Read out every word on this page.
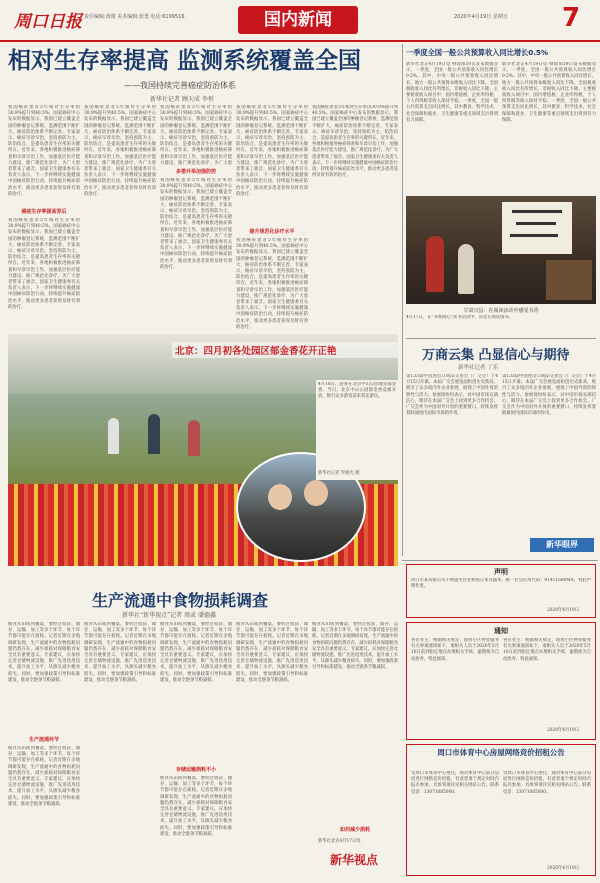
周口日报 责任编辑:黄微 美术编辑:张勇 电话:6199516	国内新闻	2020年4月19日 星期日 7
相对生存率提高 监测系统覆盖全国
——我国持续完善癌症防治体系
新华社记者 顾天成 李恒
我国癌症患者5年相对生存率由30.9%提升到40.5%。国家癌症中心发布的数据显示，我国已建立覆盖全国的肿瘤登记系统，监测范围不断扩大，癌症防治体系不断完善。专家表示，癌症早诊早治，坚持预防为主、防治结合，是提高患者生存率的关键所在。近年来，各地积极推进癌症筛查和早诊早治工作，加强基层医疗能力建设，推广规范化诊疗，为广大患者带来了福音。国家卫生健康委有关负责人表示，下一步将继续实施健康中国癌症防治行动，持续提升癌症防治水平，推动更多患者获得及时有效的治疗。
癌症生存率提高背后
我国癌症患者5年相对生存率由30.9%提升到40.5%。国家癌症中心发布的数据显示，我国已建立覆盖全国的肿瘤登记系统，监测范围不断扩大，癌症防治体系不断完善。专家表示，癌症早诊早治，坚持预防为主、防治结合，是提高患者生存率的关键所在。近年来，各地积极推进癌症筛查和早诊早治工作，加强基层医疗能力建设，推广规范化诊疗，为广大患者带来了福音。国家卫生健康委有关负责人表示，下一步将继续实施健康中国癌症防治行动，持续提升癌症防治水平，推动更多患者获得及时有效的治疗。
我国癌症患者5年相对生存率由30.9%提升到40.5%。国家癌症中心发布的数据显示，我国已建立覆盖全国的肿瘤登记系统，监测范围不断扩大，癌症防治体系不断完善。专家表示，癌症早诊早治，坚持预防为主、防治结合，是提高患者生存率的关键所在。近年来，各地积极推进癌症筛查和早诊早治工作，加强基层医疗能力建设，推广规范化诊疗，为广大患者带来了福音。国家卫生健康委有关负责人表示，下一步将继续实施健康中国癌症防治行动，持续提升癌症防治水平，推动更多患者获得及时有效的治疗。
我国癌症患者5年相对生存率由30.9%提升到40.5%。国家癌症中心发布的数据显示，我国已建立覆盖全国的肿瘤登记系统，监测范围不断扩大，癌症防治体系不断完善。专家表示，癌症早诊早治，坚持预防为主、防治结合，是提高患者生存率的关键所在。近年来，各地积极推进癌症筛查和早诊早治工作，加强基层医疗能力建设，推广规范化诊疗，为广大患
多措并举加强防控
我国癌症患者5年相对生存率由30.9%提升到40.5%。国家癌症中心发布的数据显示，我国已建立覆盖全国的肿瘤登记系统，监测范围不断扩大，癌症防治体系不断完善。专家表示，癌症早诊早治，坚持预防为主、防治结合，是提高患者生存率的关键所在。近年来，各地积极推进癌症筛查和早诊早治工作，加强基层医疗能力建设，推广规范化诊疗，为广大患者带来了福音。国家卫生健康委有关负责人表示，下一步将继续实施健康中国癌症防治行动，持续提升癌症防治水平，推动更多患者获得及时有效的治疗。
我国癌症患者5年相对生存率由30.9%提升到40.5%。国家癌症中心发布的数据显示，我国已建立覆盖全国的肿瘤登记系统，监测范围不断扩大，癌症防治体系不断完善。专家表示，癌症早诊早治，坚持预防为主、防治结合，是提高患者生存率的关键所在。近年来，各地积极推进癌症筛查和早诊早治工作，加强基层医疗能力建设，推广规范化诊疗，为广大患者带来了福音。国家卫生健康委有关负责人表示，下一步将继续实施健康中国癌症防治行动，持续提升癌症防治水平，推动更多患者获得及时有效的治疗。
提升规范化诊疗水平
我国癌症患者5年相对生存率由30.9%提升到40.5%。国家癌症中心发布的数据显示，我国已建立覆盖全国的肿瘤登记系统，监测范围不断扩大，癌症防治体系不断完善。专家表示，癌症早诊早治，坚持预防为主、防治结合，是提高患者生存率的关键所在。近年来，各地积极推进癌症筛查和早诊早治工作，加强基层医疗能力建设，推广规范化诊疗，为广大患者带来了福音。国家卫生健康委有关负责人表示，下一步将继续实施健康中国癌症防治行动，持续提升癌症防治水平，推动更多患者获得及时有效的治疗。
我国癌症患者5年相对生存率由30.9%提升到40.5%。国家癌症中心发布的数据显示，我国已建立覆盖全国的肿瘤登记系统，监测范围不断扩大，癌症防治体系不断完善。专家表示，癌症早诊早治，坚持预防为主、防治结合，是提高患者生存率的关键所在。近年来，各地积极推进癌症筛查和早诊早治工作，加强基层医疗能力建设，推广规范化诊疗，为广大患者带来了福音。国家卫生健康委有关负责人表示，下一步将继续实施健康中国癌症防治行动，持续提升癌症防治水平，推动更多患者获得及时有效的治疗。
一季度全国一般公共预算收入同比增长0.5%
新华社北京4月19日电 财政部19日发布数据显示，一季度，全国一般公共预算收入同比增长0.5%。其中，中央一般公共预算收入同比增长，地方一般公共预算本级收入同比下降。全国税收收入同比有所增长，非税收入同比下降。主要税收收入项目中，国内增值税、企业所得税、个人所得税等收入保持平稳。一季度，全国一般公共预算支出同比增长，其中教育、科学技术、社会保障和就业、卫生健康等重点领域支出得到有力保障。
新华社北京4月19日电 财政部19日发布数据显示，一季度，全国一般公共预算收入同比增长0.5%。其中，中央一般公共预算收入同比增长，地方一般公共预算本级收入同比下降。全国税收收入同比有所增长，非税收入同比下降。主要税收收入项目中，国内增值税、企业所得税、个人所得税等收入保持平稳。一季度，全国一般公共预算支出同比增长，其中教育、科学技术、社会保障和就业、卫生健康等重点领域支出得到有力保障。
甘肃兴县：在阅读活动中感受书香
4月17日，在“书香润心”读书活动中，读者在阅读图书。
万商云集 凸显信心与期待
新华社记者 丁乐
第133届中国进出口商品交易会（广交会）于4月15日开幕。本届广交会展览面积创历史新高，吸引了众多境内外企业参展，展现了中国外贸的韧性与活力。参展商纷纷表示，对中国市场充满信心，期待在本届广交会上找到更多合作机会。广交会作为中国对外开放的重要窗口，持续发挥着联通国内国际市场的作用。
第133届中国进出口商品交易会（广交会）于4月15日开幕。本届广交会展览面积创历史新高，吸引了众多境内外企业参展，展现了中国外贸的韧性与活力。参展商纷纷表示，对中国市场充满信心，期待在本届广交会上找到更多合作机会。广交会作为中国对外开放的重要窗口，持续发挥着联通国内国际市场的作用。
新华眼界
北京：四月初各处园区郁金香花开正艳
4月18日，游客在北京中山公园观赏郁金香。当日，北京中山公园郁金香竞相开放，吸引众多游客前来赏花游玩。
新华社记者 罗晓光 摄
生产流通中食物损耗调查
新华社“新华视点”记者 周或 潘德鑫
粮食从田间到餐桌，要经过收获、储存、运输、加工等多个环节，每个环节都可能存在损耗。记者近期在多地调研发现，生产流通中的食物损耗问题仍然存在，减少损耗对保障粮食安全具有重要意义。专家建议，应加快完善仓储物流设施，推广先进适用技术，提升加工水平，从源头减少粮食损失。同时，要加强政策引导和标准建设，推动全链条节粮减损。
生产流通环节
粮食从田间到餐桌，要经过收获、储存、运输、加工等多个环节，每个环节都可能存在损耗。记者近期在多地调研发现，生产流通中的食物损耗问题仍然存在，减少损耗对保障粮食安全具有重要意义。专家建议，应加快完善仓储物流设施，推广先进适用技术，提升加工水平，从源头减少粮食损失。同时，要加强政策引导和标准建设，推动全链条节粮减损。
粮食从田间到餐桌，要经过收获、储存、运输、加工等多个环节，每个环节都可能存在损耗。记者近期在多地调研发现，生产流通中的食物损耗问题仍然存在，减少损耗对保障粮食安全具有重要意义。专家建议，应加快完善仓储物流设施，推广先进适用技术，提升加工水平，从源头减少粮食损失。同时，要加强政策引导和标准建设，推动全链条节粮减损。
粮食从田间到餐桌，要经过收获、储存、运输、加工等多个环节，每个环节都可能存在损耗。记者近期在多地调研发现，生产流通中的食物损耗问题仍然存在，减少损耗对保障粮食安全具有重要意义。专家建议，应加快完善仓储物流设施，推广先进适用技术，提升加工水平，从源头减少粮食损失。同时，要加强政策引导和标准建设，推动全链条节粮减损。
存储运输损耗不小
粮食从田间到餐桌，要经过收获、储存、运输、加工等多个环节，每个环节都可能存在损耗。记者近期在多地调研发现，生产流通中的食物损耗问题仍然存在，减少损耗对保障粮食安全具有重要意义。专家建议，应加快完善仓储物流设施，推广先进适用技术，提升加工水平，从源头减少粮食损失。同时，要加强政策引导和标准建设，推动全链条节粮减损。
粮食从田间到餐桌，要经过收获、储存、运输、加工等多个环节，每个环节都可能存在损耗。记者近期在多地调研发现，生产流通中的食物损耗问题仍然存在，减少损耗对保障粮食安全具有重要意义。专家建议，应加快完善仓储物流设施，推广先进适用技术，提升加工水平，从源头减少粮食损失。同时，要加强政策引导和标准建设，推动全链条节粮减损。
粮食从田间到餐桌，要经过收获、储存、运输、加工等多个环节，每个环节都可能存在损耗。记者近期在多地调研发现，生产流通中的食物损耗问题仍然存在，减少损耗对保障粮食安全具有重要意义。专家建议，应加快完善仓储物流设施，推广先进适用技术，提升加工水平，从源头减少粮食损失。同时，要加强政策引导和标准建设，推动全链条节粮减损。
如何减少损耗
新华社北京4月17日电
新华视点
声明
周口市某有限公司不慎遗失营业执照正本及副本，统一社会信用代码：91411600MA，特此声明作废。
2020年4月19日
通知
各位业主：根据相关规定，现将小区物业服务有关事项通知如下，请相关人员于2020年5月10日前到指定地点办理相关手续，逾期视为自动放弃。特此通知。
各位业主：根据相关规定，现将小区物业服务有关事项通知如下，请相关人员于2020年5月10日前到指定地点办理相关手续，逾期视为自动放弃。特此通知。
2020年4月19日
周口市体育中心房屋网络竞价招租公告
受周口市体育中心委托，现对体育中心部分房屋进行网络竞价招租。有意者请于规定时间内报名参加，具体事项详见相关网站公告。联系电话：13071085000。
受周口市体育中心委托，现对体育中心部分房屋进行网络竞价招租。有意者请于规定时间内报名参加，具体事项详见相关网站公告。联系电话：13071085000。
2020年4月19日
